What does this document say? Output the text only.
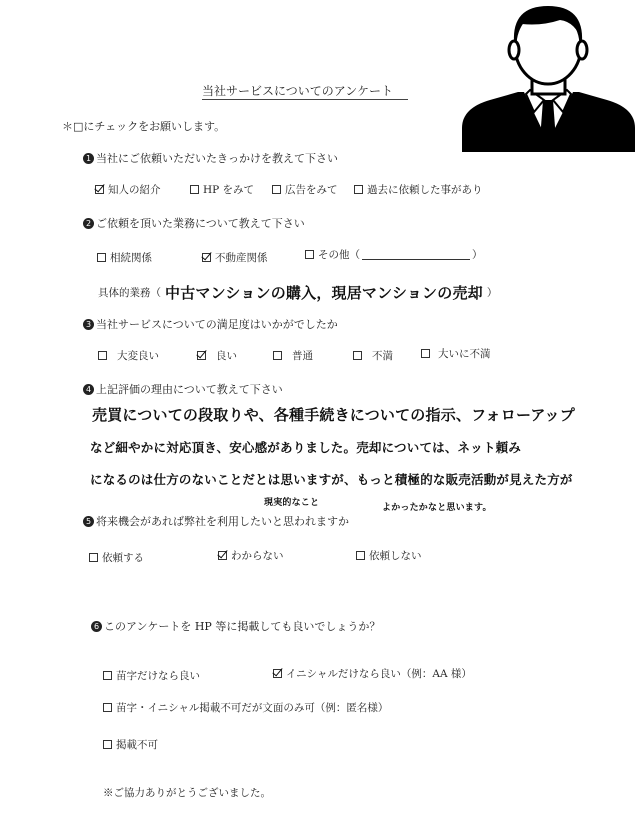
当社サービスについてのアンケート
＊□にチェックをお願いします。
1 当社にご依頼いただいたきっかけを教えて下さい
知人の紹介	HP をみて	広告をみて	過去に依頼した事があり
2 ご依頼を頂いた業務について教えて下さい
相続関係	不動産関係	その他（	）
具体的業務（ 中古マンションの購入，現居マンションの売却 ）
3 当社サービスについての満足度はいかがでしたか
大変良い	良い	普通	不満	大いに不満
4 上記評価の理由について教えて下さい
売買についての段取りや、各種手続きについての指示、フォローアップ
など細やかに対応頂き、安心感がありました。売却については、ネット頼み
になるのは仕方のないことだとは思いますが、もっと積極的な販売活動が見えた方が
現実的なこと	よかったかなと思います。
5 将来機会があれば弊社を利用したいと思われますか
依頼する	わからない	依頼しない
6 このアンケートを HP 等に掲載しても良いでしょうか？
苗字だけなら良い	イニシャルだけなら良い（例：AA 様）
苗字・イニシャル掲載不可だが文面のみ可（例：匿名様）
掲載不可
※ご協力ありがとうございました。
